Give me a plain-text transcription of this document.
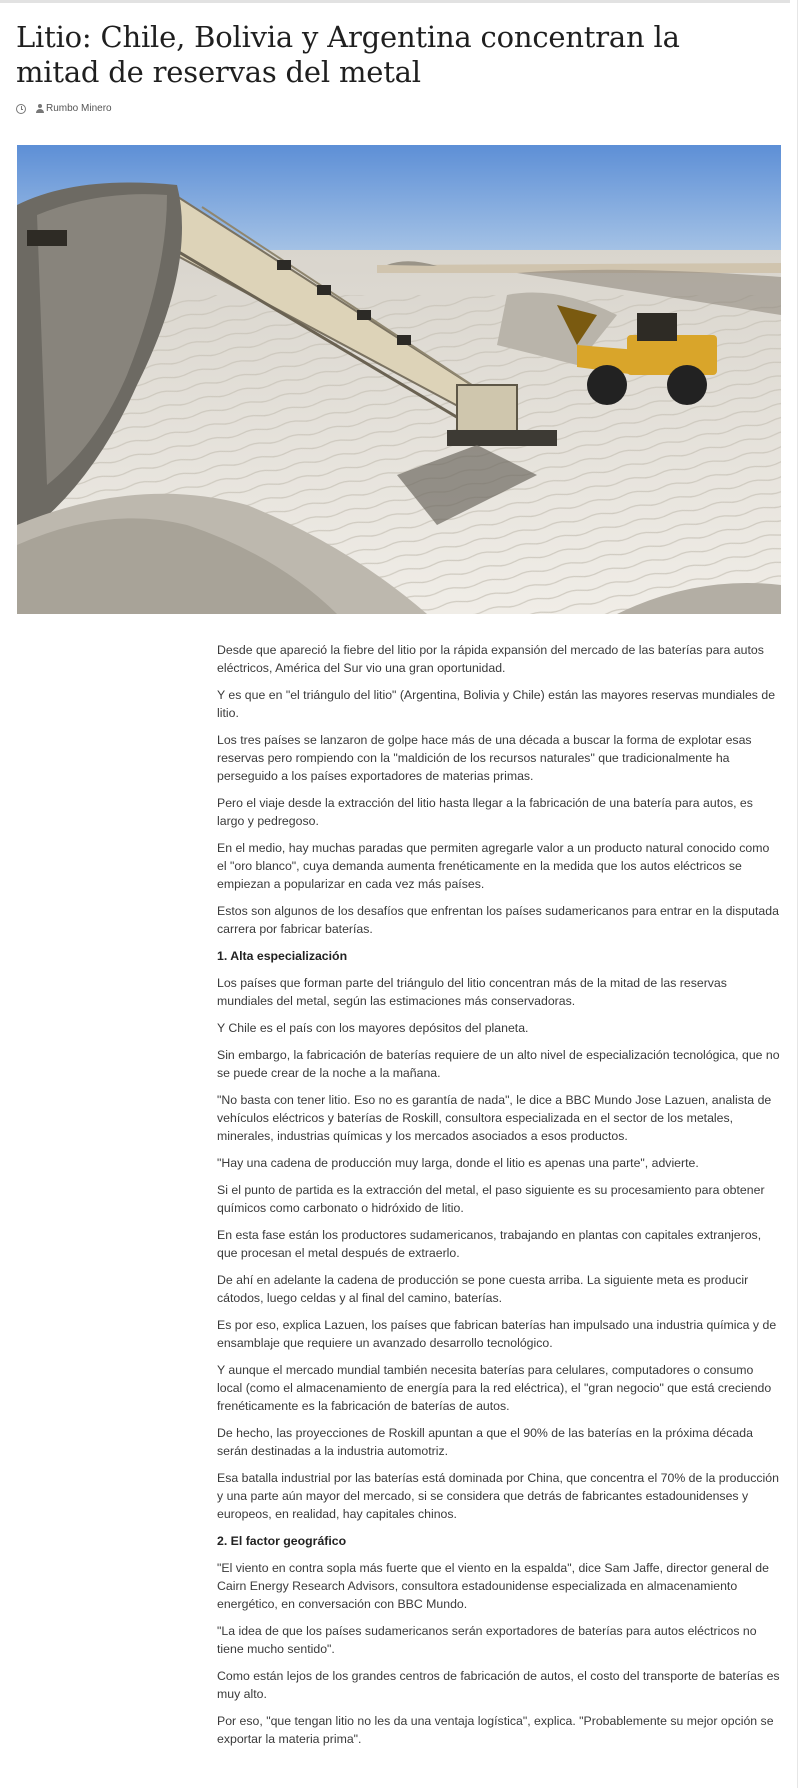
Litio: Chile, Bolivia y Argentina concentran la mitad de reservas del metal
Rumbo Minero

Desde que apareció la fiebre del litio por la rápida expansión del mercado de las baterías para autos eléctricos, América del Sur vio una gran oportunidad.

Y es que en "el triángulo del litio" (Argentina, Bolivia y Chile) están las mayores reservas mundiales de litio.

Los tres países se lanzaron de golpe hace más de una década a buscar la forma de explotar esas reservas pero rompiendo con la "maldición de los recursos naturales" que tradicionalmente ha perseguido a los países exportadores de materias primas.

Pero el viaje desde la extracción del litio hasta llegar a la fabricación de una batería para autos, es largo y pedregoso.

En el medio, hay muchas paradas que permiten agregarle valor a un producto natural conocido como el "oro blanco", cuya demanda aumenta frenéticamente en la medida que los autos eléctricos se empiezan a popularizar en cada vez más países.

Estos son algunos de los desafíos que enfrentan los países sudamericanos para entrar en la disputada carrera por fabricar baterías.

1. Alta especialización

Los países que forman parte del triángulo del litio concentran más de la mitad de las reservas mundiales del metal, según las estimaciones más conservadoras.

Y Chile es el país con los mayores depósitos del planeta.

Sin embargo, la fabricación de baterías requiere de un alto nivel de especialización tecnológica, que no se puede crear de la noche a la mañana.

"No basta con tener litio. Eso no es garantía de nada", le dice a BBC Mundo Jose Lazuen, analista de vehículos eléctricos y baterías de Roskill, consultora especializada en el sector de los metales, minerales, industrias químicas y los mercados asociados a esos productos.

"Hay una cadena de producción muy larga, donde el litio es apenas una parte", advierte.

Si el punto de partida es la extracción del metal, el paso siguiente es su procesamiento para obtener químicos como carbonato o hidróxido de litio.

En esta fase están los productores sudamericanos, trabajando en plantas con capitales extranjeros, que procesan el metal después de extraerlo.

De ahí en adelante la cadena de producción se pone cuesta arriba. La siguiente meta es producir cátodos, luego celdas y al final del camino, baterías.

Es por eso, explica Lazuen, los países que fabrican baterías han impulsado una industria química y de ensamblaje que requiere un avanzado desarrollo tecnológico.

Y aunque el mercado mundial también necesita baterías para celulares, computadores o consumo local (como el almacenamiento de energía para la red eléctrica), el "gran negocio" que está creciendo frenéticamente es la fabricación de baterías de autos.

De hecho, las proyecciones de Roskill apuntan a que el 90% de las baterías en la próxima década serán destinadas a la industria automotriz.

Esa batalla industrial por las baterías está dominada por China, que concentra el 70% de la producción y una parte aún mayor del mercado, si se considera que detrás de fabricantes estadounidenses y europeos, en realidad, hay capitales chinos.

2. El factor geográfico

"El viento en contra sopla más fuerte que el viento en la espalda", dice Sam Jaffe, director general de Cairn Energy Research Advisors, consultora estadounidense especializada en almacenamiento energético, en conversación con BBC Mundo.

"La idea de que los países sudamericanos serán exportadores de baterías para autos eléctricos no tiene mucho sentido".

Como están lejos de los grandes centros de fabricación de autos, el costo del transporte de baterías es muy alto.

Por eso, "que tengan litio no les da una ventaja logística", explica. "Probablemente su mejor opción se exportar la materia prima".
